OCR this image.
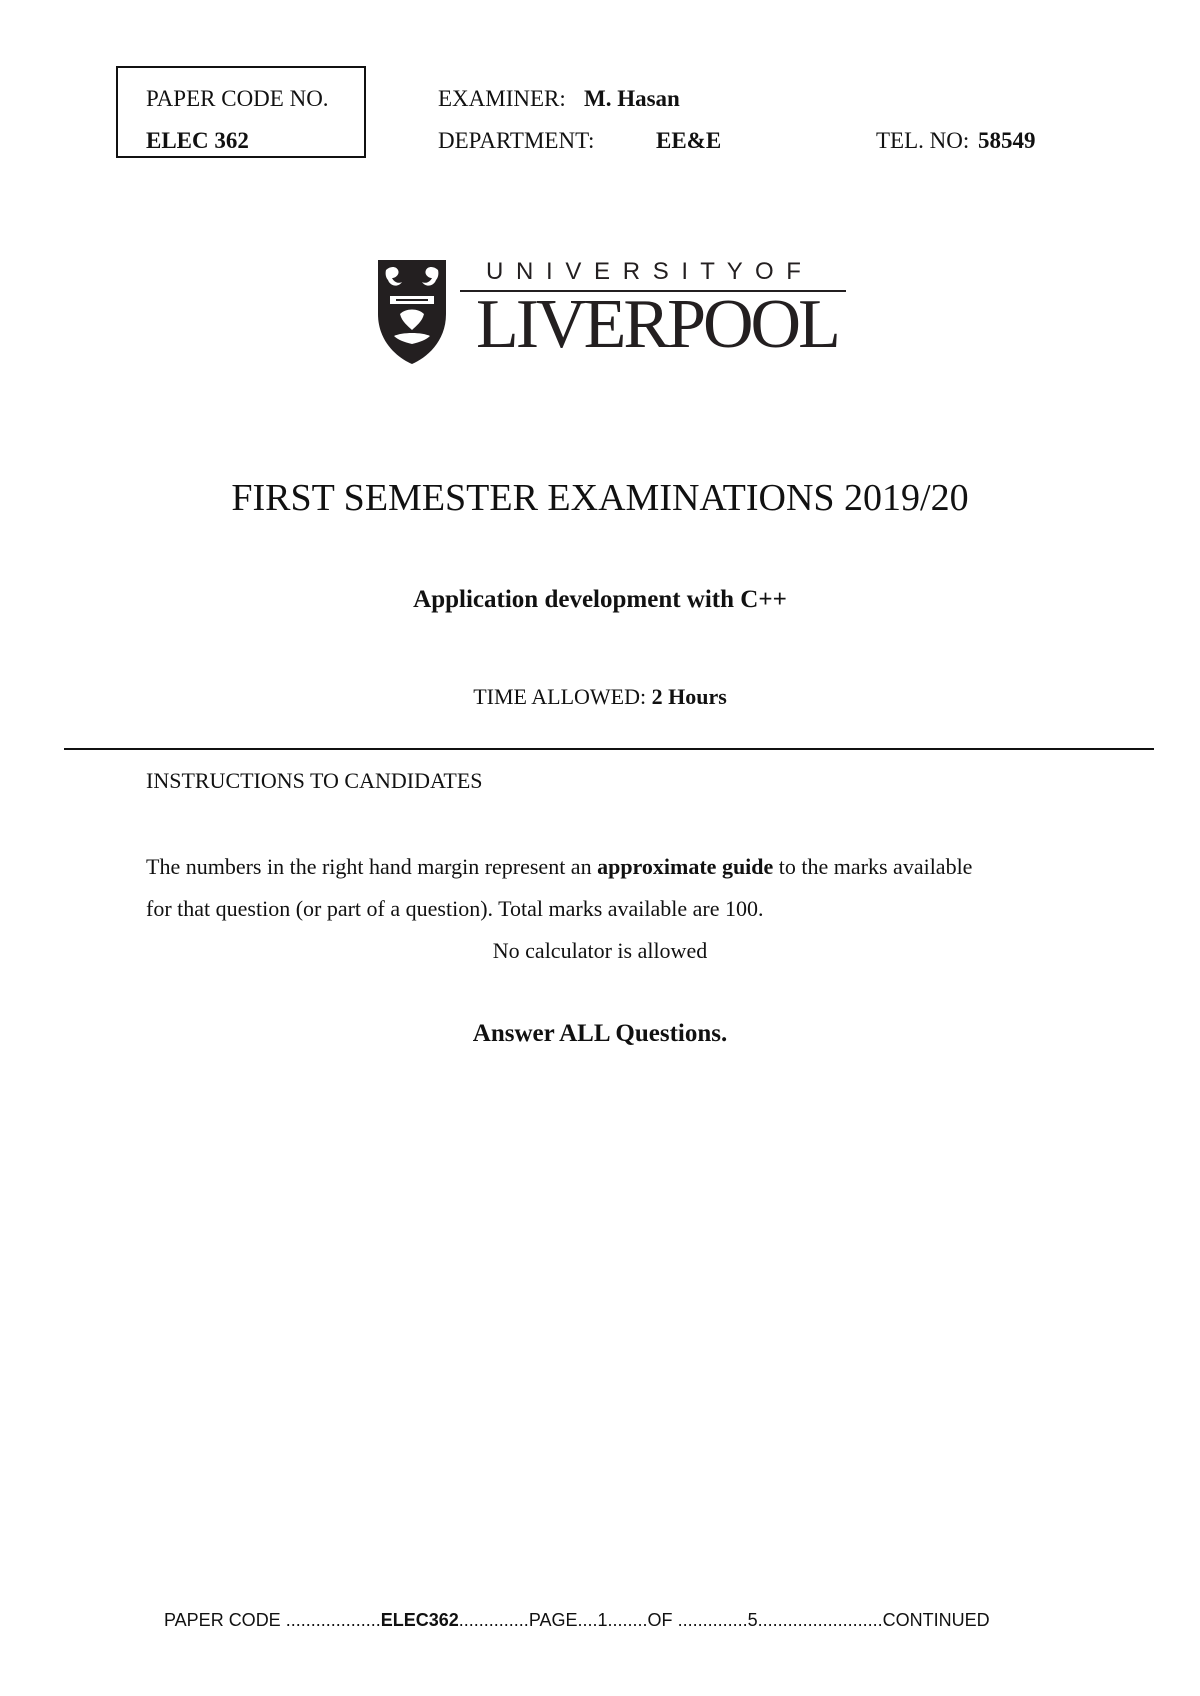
PAPER CODE NO.
ELEC 362
EXAMINER: M. Hasan
DEPARTMENT:	EE&E	TEL. NO: 58549
U N I V E R S I T Y O F
LIVERPOOL
FIRST SEMESTER EXAMINATIONS 2019/20
Application development with C++
TIME ALLOWED: 2 Hours
INSTRUCTIONS TO CANDIDATES
The numbers in the right hand margin represent an approximate guide to the marks available
for that question (or part of a question). Total marks available are 100.
No calculator is allowed
Answer ALL Questions.
PAPER CODE ...................ELEC362..............PAGE....1........OF ..............5.........................CONTINUED
